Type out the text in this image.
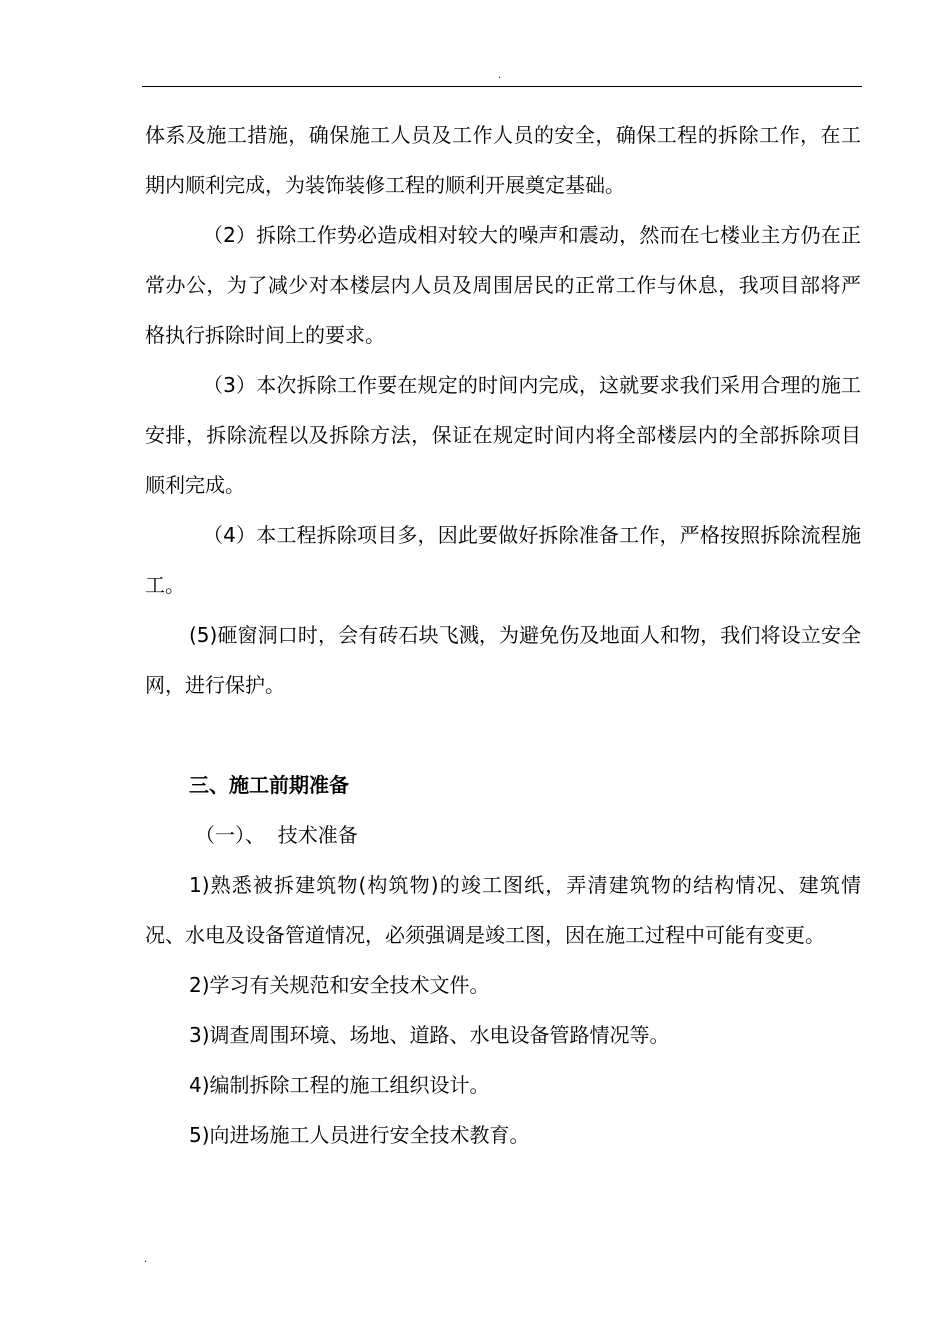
.

体系及施工措施，确保施工人员及工作人员的安全，确保工程的拆除工作，在工期内顺利完成，为装饰装修工程的顺利开展奠定基础。

（2）拆除工作势必造成相对较大的噪声和震动，然而在七楼业主方仍在正常办公，为了减少对本楼层内人员及周围居民的正常工作与休息，我项目部将严格执行拆除时间上的要求。

（3）本次拆除工作要在规定的时间内完成，这就要求我们采用合理的施工安排，拆除流程以及拆除方法，保证在规定时间内将全部楼层内的全部拆除项目顺利完成。

（4）本工程拆除项目多，因此要做好拆除准备工作，严格按照拆除流程施工。

(5)砸窗洞口时，会有砖石块飞溅，为避免伤及地面人和物，我们将设立安全网，进行保护。

三、施工前期准备

（一）、  技术准备

1)熟悉被拆建筑物(构筑物)的竣工图纸，弄清建筑物的结构情况、建筑情况、水电及设备管道情况，必须强调是竣工图，因在施工过程中可能有变更。

2)学习有关规范和安全技术文件。

3)调查周围环境、场地、道路、水电设备管路情况等。

4)编制拆除工程的施工组织设计。

5)向进场施工人员进行安全技术教育。

.
